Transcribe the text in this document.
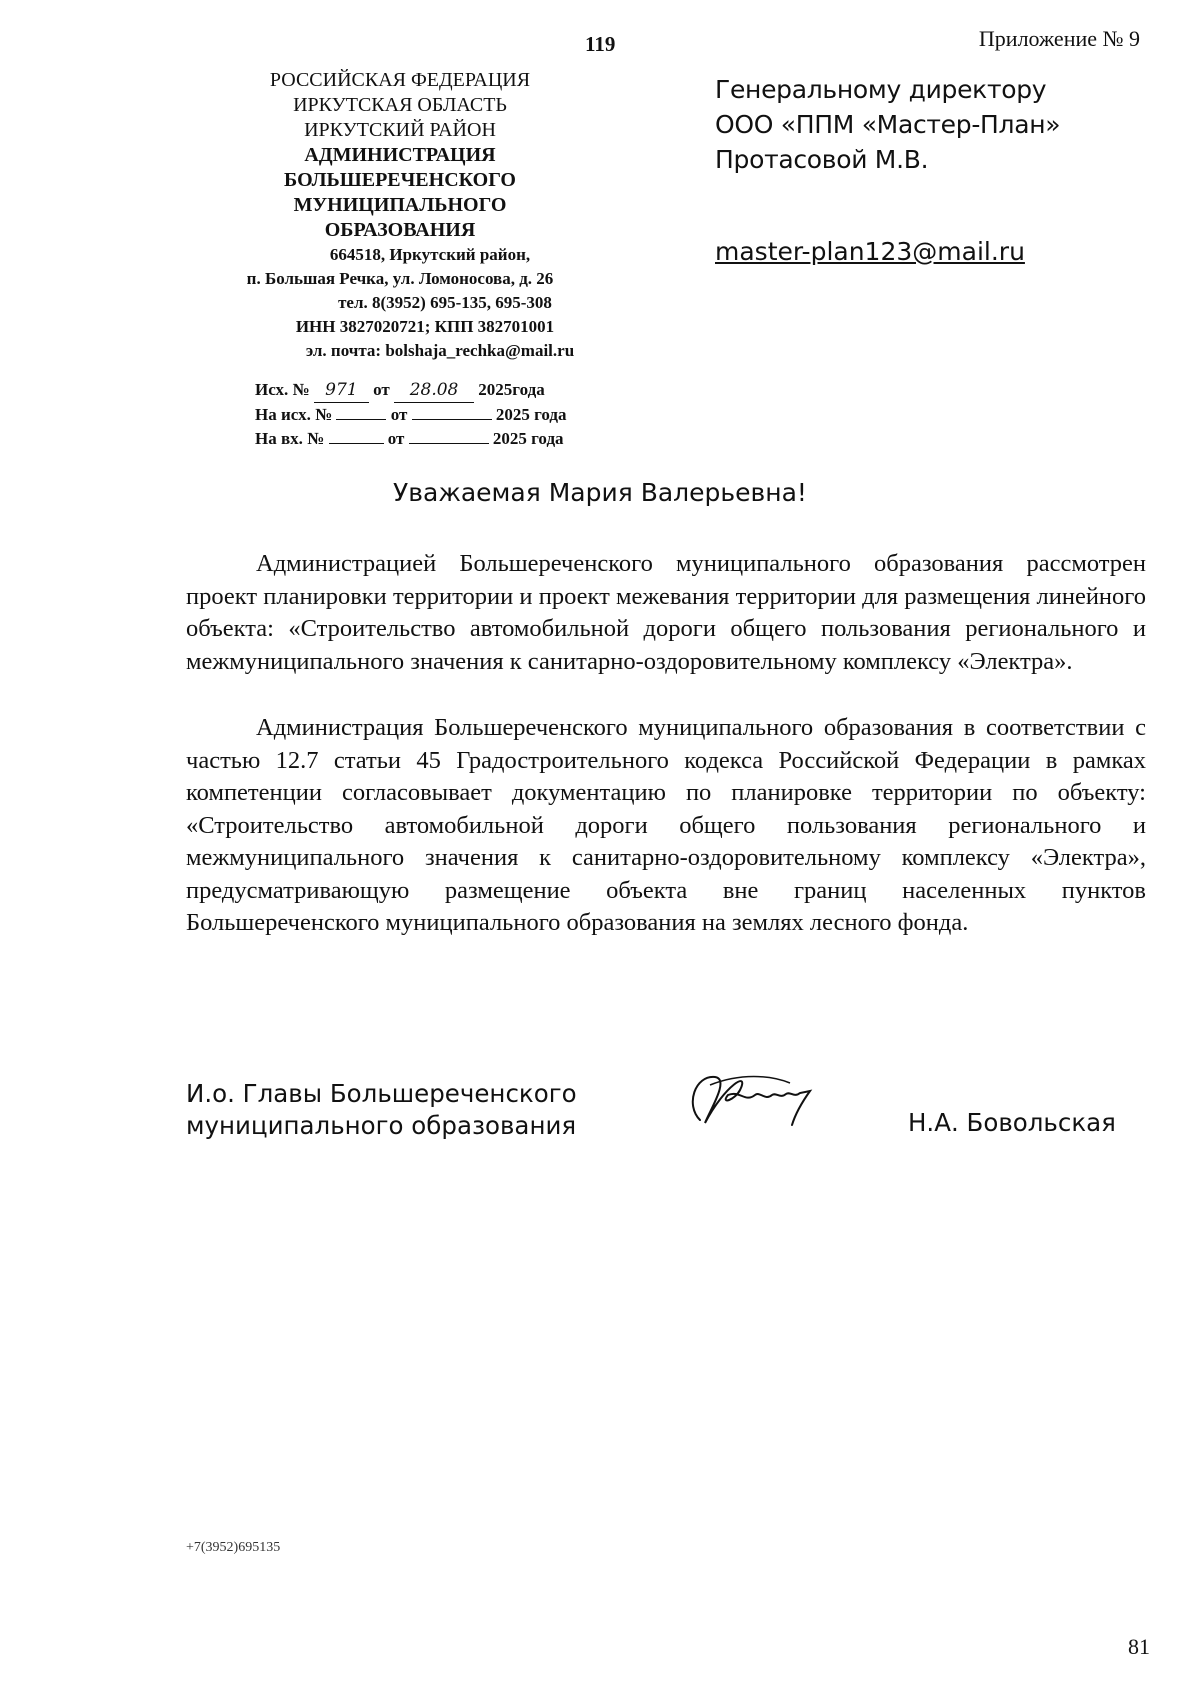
119	Приложение № 9
РОССИЙСКАЯ ФЕДЕРАЦИЯ
ИРКУТСКАЯ ОБЛАСТЬ
ИРКУТСКИЙ РАЙОН
АДМИНИСТРАЦИЯ
БОЛЬШЕРЕЧЕНСКОГО
МУНИЦИПАЛЬНОГО
ОБРАЗОВАНИЯ
664518, Иркутский район,
п. Большая Речка, ул. Ломоносова, д. 26
тел. 8(3952) 695-135, 695-308
ИНН 3827020721; КПП 382701001
эл. почта: bolshaja_rechka@mail.ru
Исх. № 971 от 28.08 2025года
На исх. №	от	2025 года
На вх. №	от	2025 года
Генеральному директору
ООО «ППМ «Мастер-План»
Протасовой М.В.
master-plan123@mail.ru
Уважаемая Мария Валерьевна!

Администрацией Большереченского муниципального образования рассмотрен проект планировки территории и проект межевания территории для размещения линейного объекта: «Строительство автомобильной дороги общего пользования регионального и межмуниципального значения к санитарно-оздоровительному комплексу «Электра».

Администрация Большереченского муниципального образования в соответствии с частью 12.7 статьи 45 Градостроительного кодекса Российской Федерации в рамках компетенции согласовывает документацию по планировке территории по объекту: «Строительство автомобильной дороги общего пользования регионального и межмуниципального значения к санитарно-оздоровительному комплексу «Электра», предусматривающую размещение объекта вне границ населенных пунктов Большереченского муниципального образования на землях лесного фонда.

И.о. Главы Большереченского
муниципального образования	Н.А. Бовольская
+7(3952)695135
81
